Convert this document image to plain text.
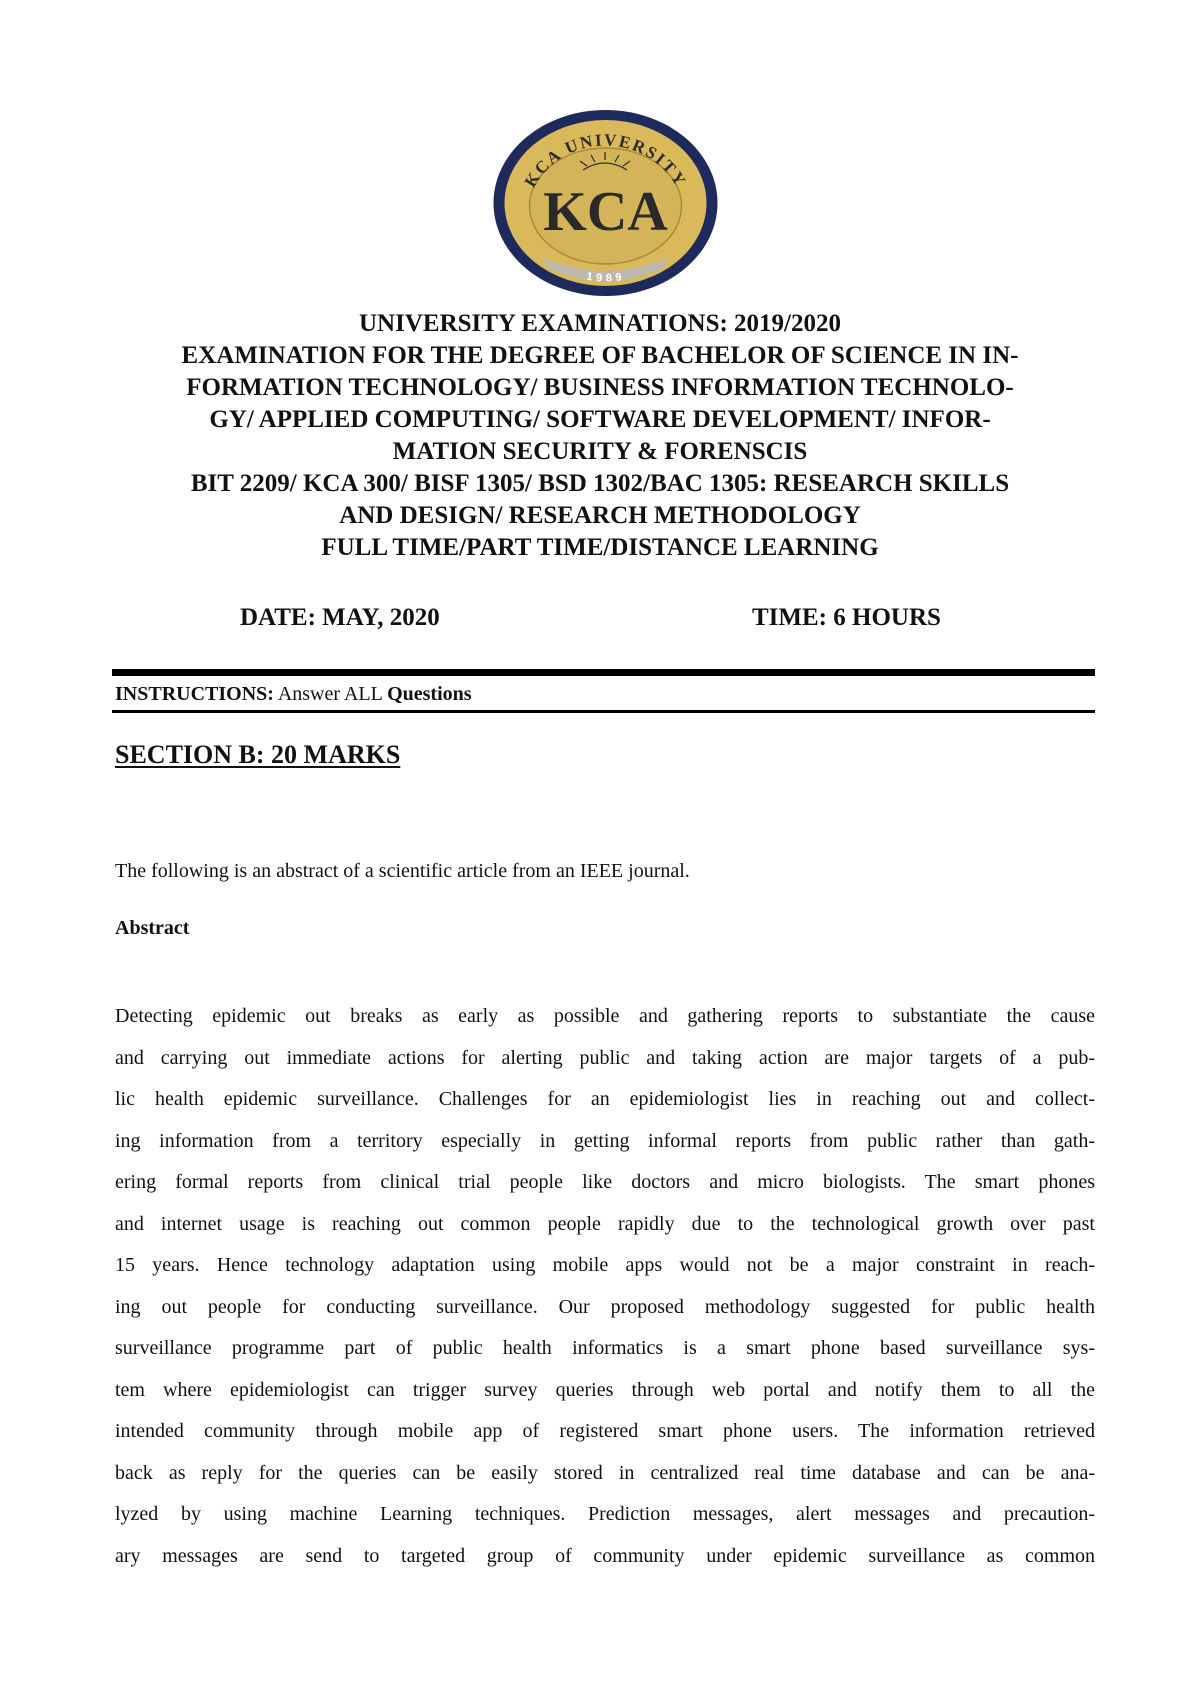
KCA UNIVERSITY
KCA
1989
UNIVERSITY EXAMINATIONS: 2019/2020
EXAMINATION FOR THE DEGREE OF BACHELOR OF SCIENCE IN IN-
FORMATION TECHNOLOGY/ BUSINESS INFORMATION TECHNOLO-
GY/ APPLIED COMPUTING/ SOFTWARE DEVELOPMENT/ INFOR-
MATION SECURITY & FORENSCIS
BIT 2209/ KCA 300/ BISF 1305/ BSD 1302/BAC 1305: RESEARCH SKILLS
AND DESIGN/ RESEARCH METHODOLOGY
FULL TIME/PART TIME/DISTANCE LEARNING
DATE: MAY, 2020	TIME: 6 HOURS
INSTRUCTIONS: Answer ALL Questions
SECTION B: 20 MARKS
The following is an abstract of a scientific article from an IEEE journal.
Abstract
Detecting epidemic out breaks as early as possible and gathering reports to substantiate the cause
and carrying out immediate actions for alerting public and taking action are major targets of a pub-
lic health epidemic surveillance. Challenges for an epidemiologist lies in reaching out and collect-
ing information from a territory especially in getting informal reports from public rather than gath-
ering formal reports from clinical trial people like doctors and micro biologists. The smart phones
and internet usage is reaching out common people rapidly due to the technological growth over past
15 years. Hence technology adaptation using mobile apps would not be a major constraint in reach-
ing out people for conducting surveillance. Our proposed methodology suggested for public health
surveillance programme part of public health informatics is a smart phone based surveillance sys-
tem where epidemiologist can trigger survey queries through web portal and notify them to all the
intended community through mobile app of registered smart phone users. The information retrieved
back as reply for the queries can be easily stored in centralized real time database and can be ana-
lyzed by using machine Learning techniques. Prediction messages, alert messages and precaution-
ary messages are send to targeted group of community under epidemic surveillance as common
